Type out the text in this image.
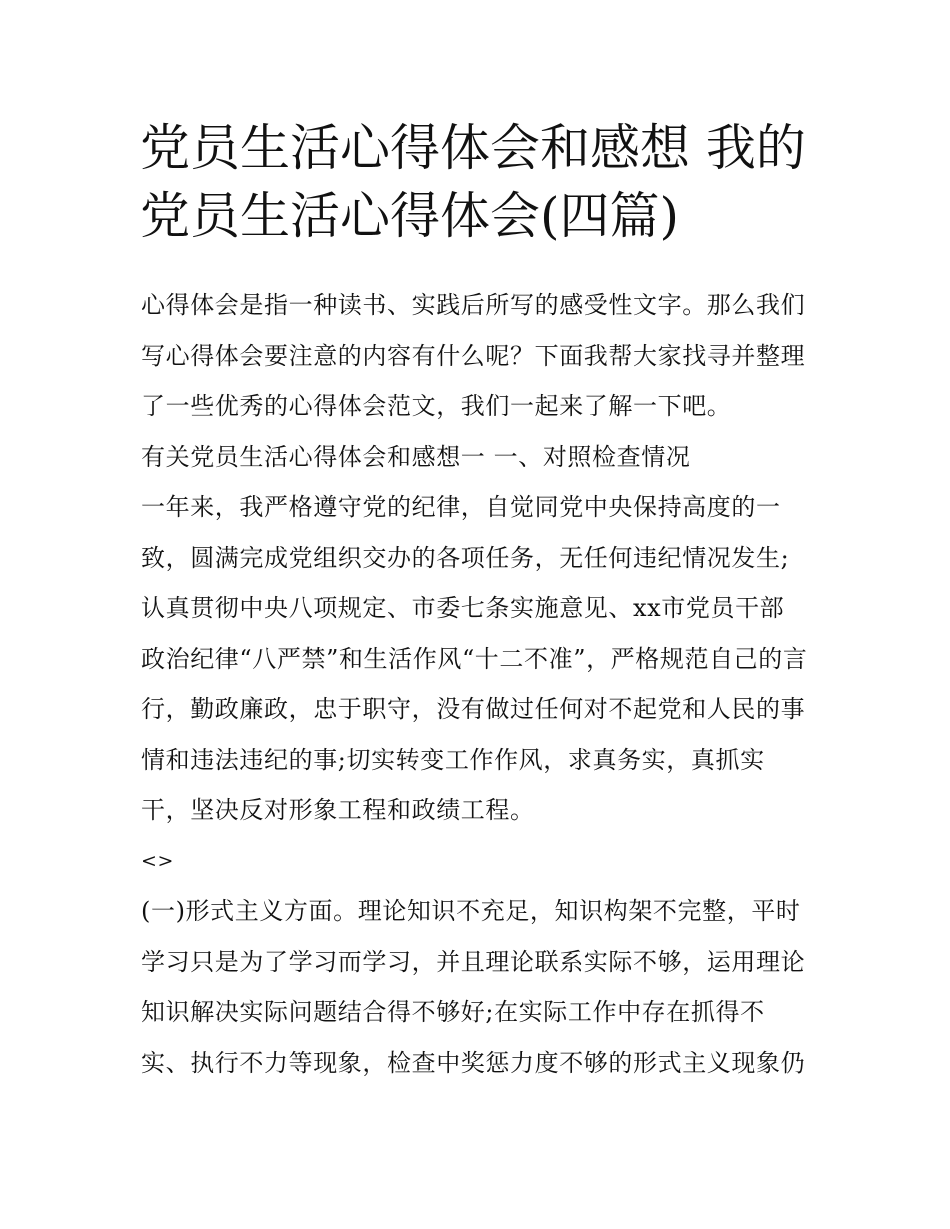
党员生活心得体会和感想 我的
党员生活心得体会(四篇)
心得体会是指一种读书、实践后所写的感受性文字。那么我们
写心得体会要注意的内容有什么呢？下面我帮大家找寻并整理
了一些优秀的心得体会范文，我们一起来了解一下吧。
有关党员生活心得体会和感想一 一、对照检查情况
一年来，我严格遵守党的纪律，自觉同党中央保持高度的一
致，圆满完成党组织交办的各项任务，无任何违纪情况发生;
认真贯彻中央八项规定、市委七条实施意见、xx市党员干部
政治纪律“八严禁”和生活作风“十二不准”，严格规范自己的言
行，勤政廉政，忠于职守，没有做过任何对不起党和人民的事
情和违法违纪的事;切实转变工作作风，求真务实，真抓实
干，坚决反对形象工程和政绩工程。
<>
(一)形式主义方面。理论知识不充足，知识构架不完整，平时
学习只是为了学习而学习，并且理论联系实际不够，运用理论
知识解决实际问题结合得不够好;在实际工作中存在抓得不
实、执行不力等现象，检查中奖惩力度不够的形式主义现象仍
